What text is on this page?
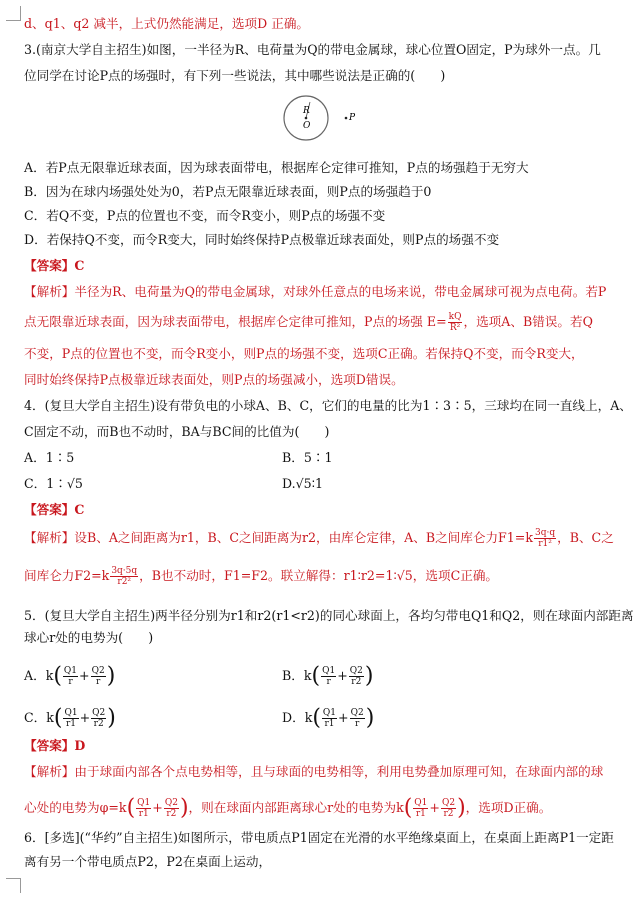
d、q1、q2 减半，上式仍然能满足，选项D 正确。
3.(南京大学自主招生)如图，一半径为R、电荷量为Q的带电金属球，球心位置O固定，P为球外一点。几
位同学在讨论P点的场强时，有下列一些说法，其中哪些说法是正确的(　　)
R
O
P
A．若P点无限靠近球表面，因为球表面带电，根据库仑定律可推知，P点的场强趋于无穷大
B．因为在球内场强处处为0，若P点无限靠近球表面，则P点的场强趋于0
C．若Q不变，P点的位置也不变，而令R变小，则P点的场强不变
D．若保持Q不变，而令R变大，同时始终保持P点极靠近球表面处，则P点的场强不变
【答案】C
【解析】半径为R、电荷量为Q的带电金属球，对球外任意点的电场来说，带电金属球可视为点电荷。若P
点无限靠近球表面，因为球表面带电，根据库仑定律可推知，P点的场强 $E= \frac{kQ}{\text{R²}}$ ，选项A、B错误。若Q
不变，P点的位置也不变，而令R变小，则P点的场强不变，选项C正确。若保持Q不变，而令R变大，
同时始终保持P点极靠近球表面处，则P点的场强减小，选项D错误。
4．(复旦大学自主招生)设有带负电的小球A、B、C，它们的电量的比为1∶3∶5，三球均在同一直线上，A、
C固定不动，而B也不动时，BA与BC间的比值为(　　)
A．1∶5	B．5∶1
C．1∶√5	D.√5∶1
【答案】C
【解析】设B、A之间距离为r1，B、C之间距离为r2，由库仑定律，A、B之间库仑力$F1=k \frac{3q\cdot q}{\text{r1²}}$ ，B、C之
间库仑力$F2=k \frac{3q\cdot 5q}{\text{r2²}}$ ，B也不动时，F1=F2。联立解得：r1∶r2=1∶√5，选项C正确。
5．(复旦大学自主招生)两半径分别为r1和r2(r1<r2)的同心球面上，各均匀带电Q1和Q2，则在球面内部距离
球心r处的电势为(　　)
A．$k( \frac{Q1}{r} + \frac{Q2}{r}$ )	B．$k( \frac{Q1}{r} + \frac{Q2}{r2}$ )
C．$k( \frac{Q1}{r1} + \frac{Q2}{r2}$ )	D．$k( \frac{Q1}{r1} + \frac{Q2}{r}$ )
【答案】D
【解析】由于球面内部各个点电势相等，且与球面的电势相等，利用电势叠加原理可知，在球面内部的球
心处的电势为$\varphi=k( \frac{Q1}{r1} + \frac{Q2}{r2}$ )，则在球面内部距离球心r处的电势为$k( \frac{Q1}{r1} + \frac{Q2}{r2}$ )，选项D正确。
6．[多选](“华约”自主招生)如图所示，带电质点P1固定在光滑的水平绝缘桌面上，在桌面上距离P1一定距
离有另一个带电质点P2，P2在桌面上运动，
